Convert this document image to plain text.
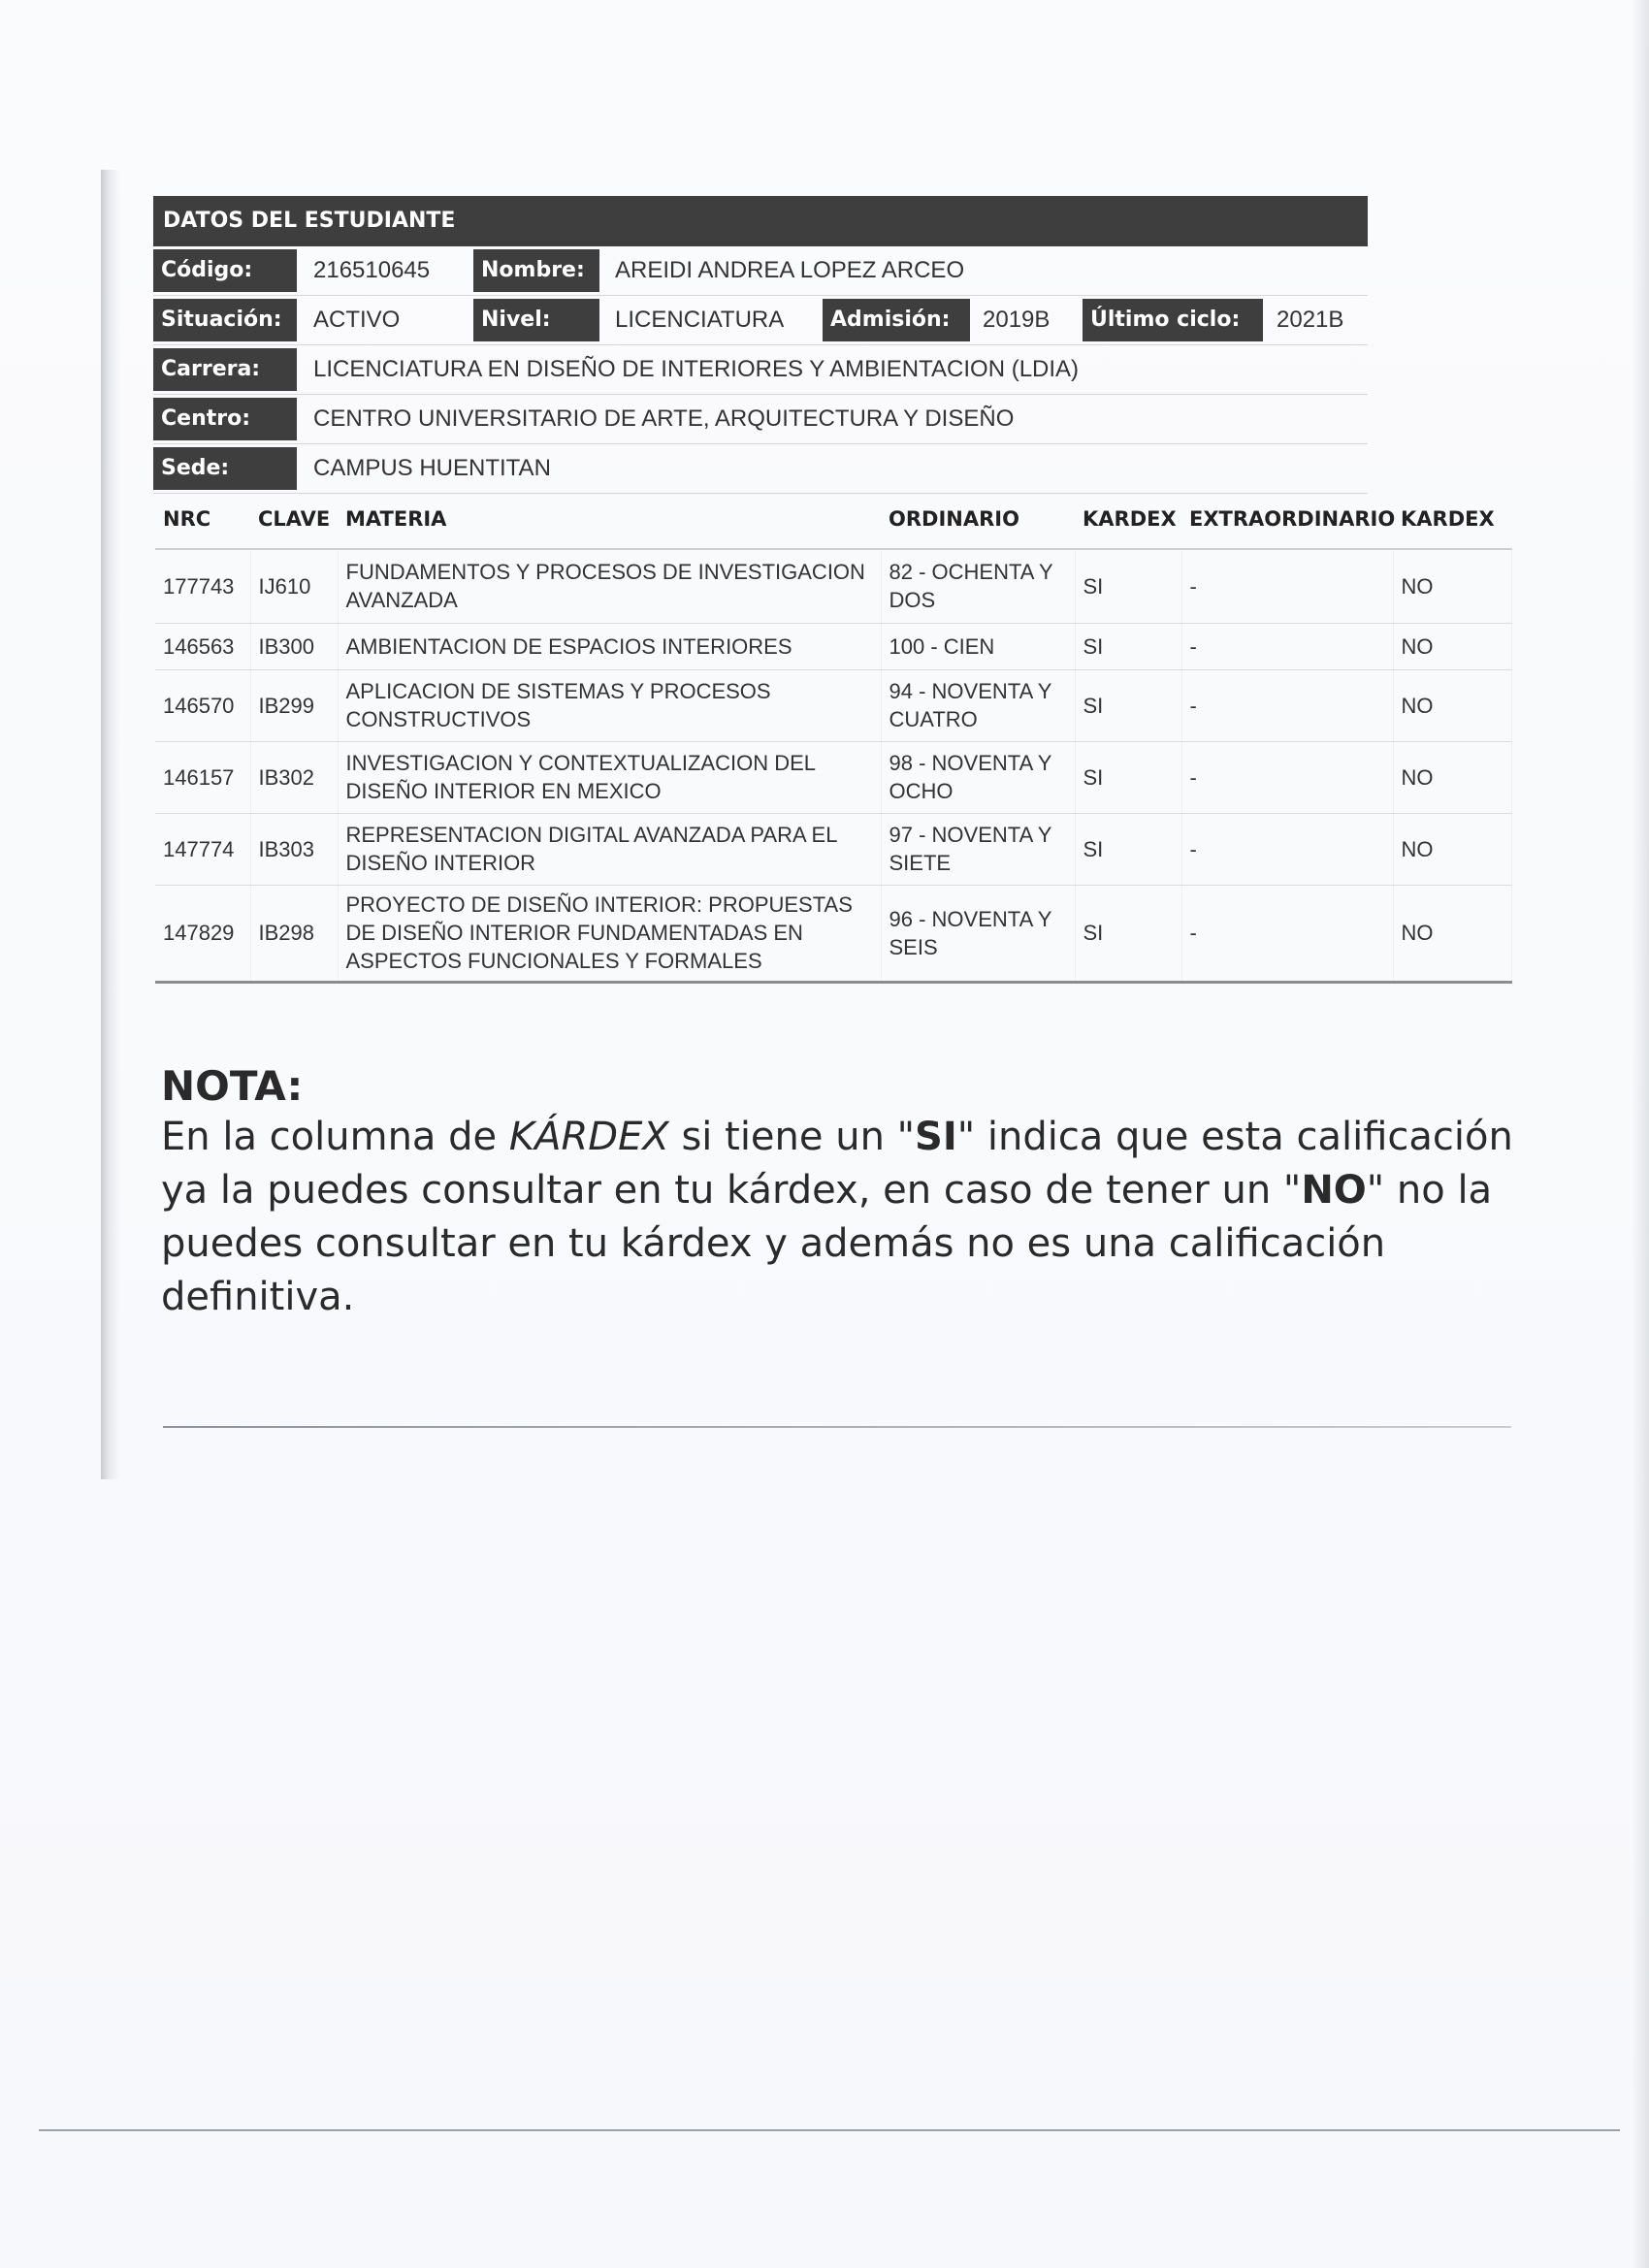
DATOS DEL ESTUDIANTE
Código:	216510645	Nombre:	AREIDI ANDREA LOPEZ ARCEO
Situación:	ACTIVO	Nivel:	LICENCIATURA	Admisión:	2019B	Último ciclo:	2021B
Carrera:	LICENCIATURA EN DISEÑO DE INTERIORES Y AMBIENTACION (LDIA)
Centro:	CENTRO UNIVERSITARIO DE ARTE, ARQUITECTURA Y DISEÑO
Sede:	CAMPUS HUENTITAN
NRC	CLAVE	MATERIA	ORDINARIO	KARDEX	EXTRAORDINARIO	KARDEX
177743	IJ610	FUNDAMENTOS Y PROCESOS DE INVESTIGACION AVANZADA	82 - OCHENTA Y DOS	SI	-	NO
146563	IB300	AMBIENTACION DE ESPACIOS INTERIORES	100 - CIEN	SI	-	NO
146570	IB299	APLICACION DE SISTEMAS Y PROCESOS CONSTRUCTIVOS	94 - NOVENTA Y CUATRO	SI	-	NO
146157	IB302	INVESTIGACION Y CONTEXTUALIZACION DEL DISEÑO INTERIOR EN MEXICO	98 - NOVENTA Y OCHO	SI	-	NO
147774	IB303	REPRESENTACION DIGITAL AVANZADA PARA EL DISEÑO INTERIOR	97 - NOVENTA Y SIETE	SI	-	NO
147829	IB298	PROYECTO DE DISEÑO INTERIOR: PROPUESTAS DE DISEÑO INTERIOR FUNDAMENTADAS EN ASPECTOS FUNCIONALES Y FORMALES	96 - NOVENTA Y SEIS	SI	-	NO
NOTA:
En la columna de KÁRDEX si tiene un "SI" indica que esta calificación ya la puedes consultar en tu kárdex, en caso de tener un "NO" no la puedes consultar en tu kárdex y además no es una calificación definitiva.
